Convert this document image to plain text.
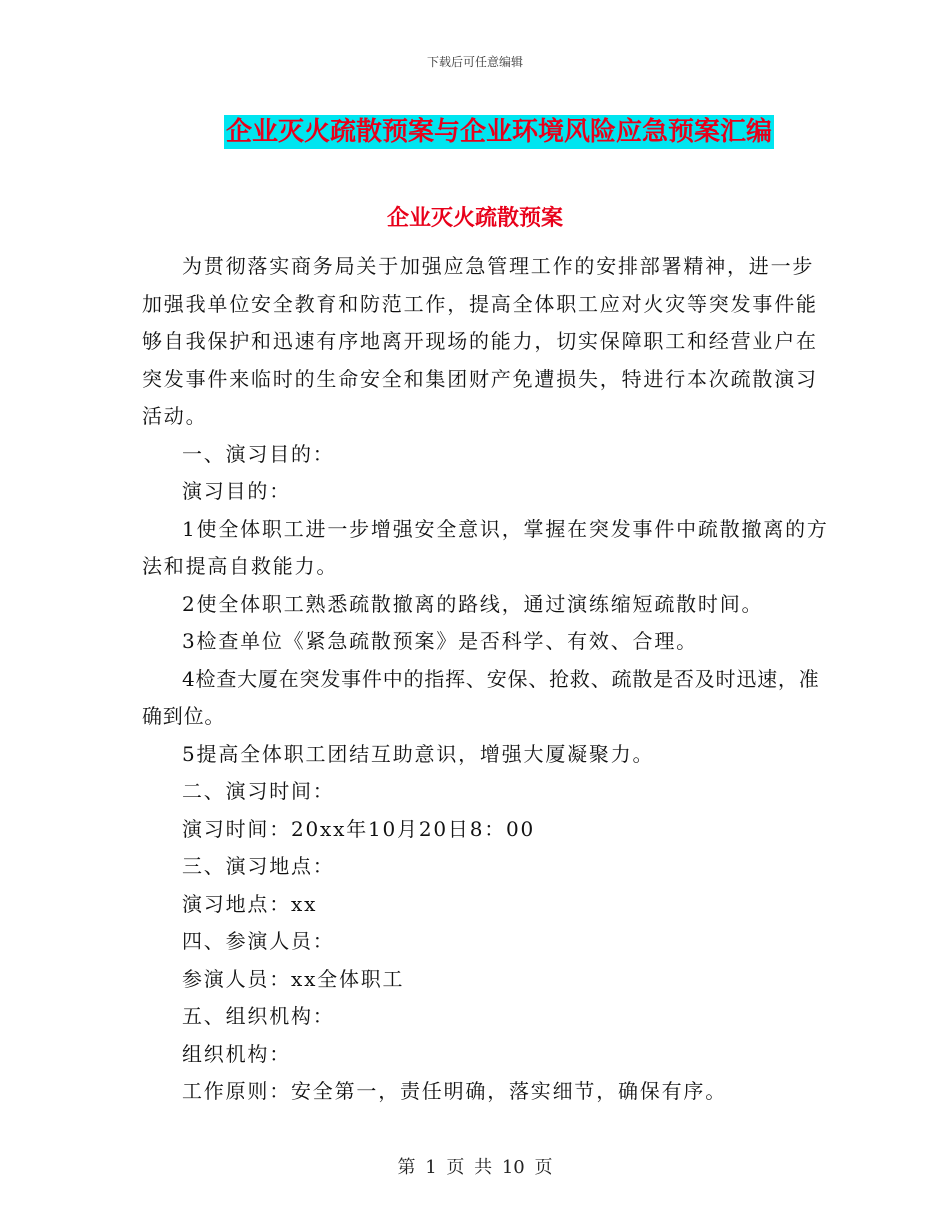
下载后可任意编辑
企业灭火疏散预案与企业环境风险应急预案汇编
企业灭火疏散预案

为贯彻落实商务局关于加强应急管理工作的安排部署精神，进一步加强我单位安全教育和防范工作，提高全体职工应对火灾等突发事件能够自我保护和迅速有序地离开现场的能力，切实保障职工和经营业户在突发事件来临时的生命安全和集团财产免遭损失，特进行本次疏散演习活动。

一、演习目的：

演习目的：

1使全体职工进一步增强安全意识，掌握在突发事件中疏散撤离的方法和提高自救能力。

2使全体职工熟悉疏散撤离的路线，通过演练缩短疏散时间。

3检查单位《紧急疏散预案》是否科学、有效、合理。

4检查大厦在突发事件中的指挥、安保、抢救、疏散是否及时迅速，准确到位。

5提高全体职工团结互助意识，增强大厦凝聚力。

二、演习时间：

演习时间：20xx年10月20日8：00

三、演习地点：

演习地点：xx

四、参演人员：

参演人员：xx全体职工

五、组织机构：

组织机构：

工作原则：安全第一，责任明确，落实细节，确保有序。

第 1 页 共 10 页
